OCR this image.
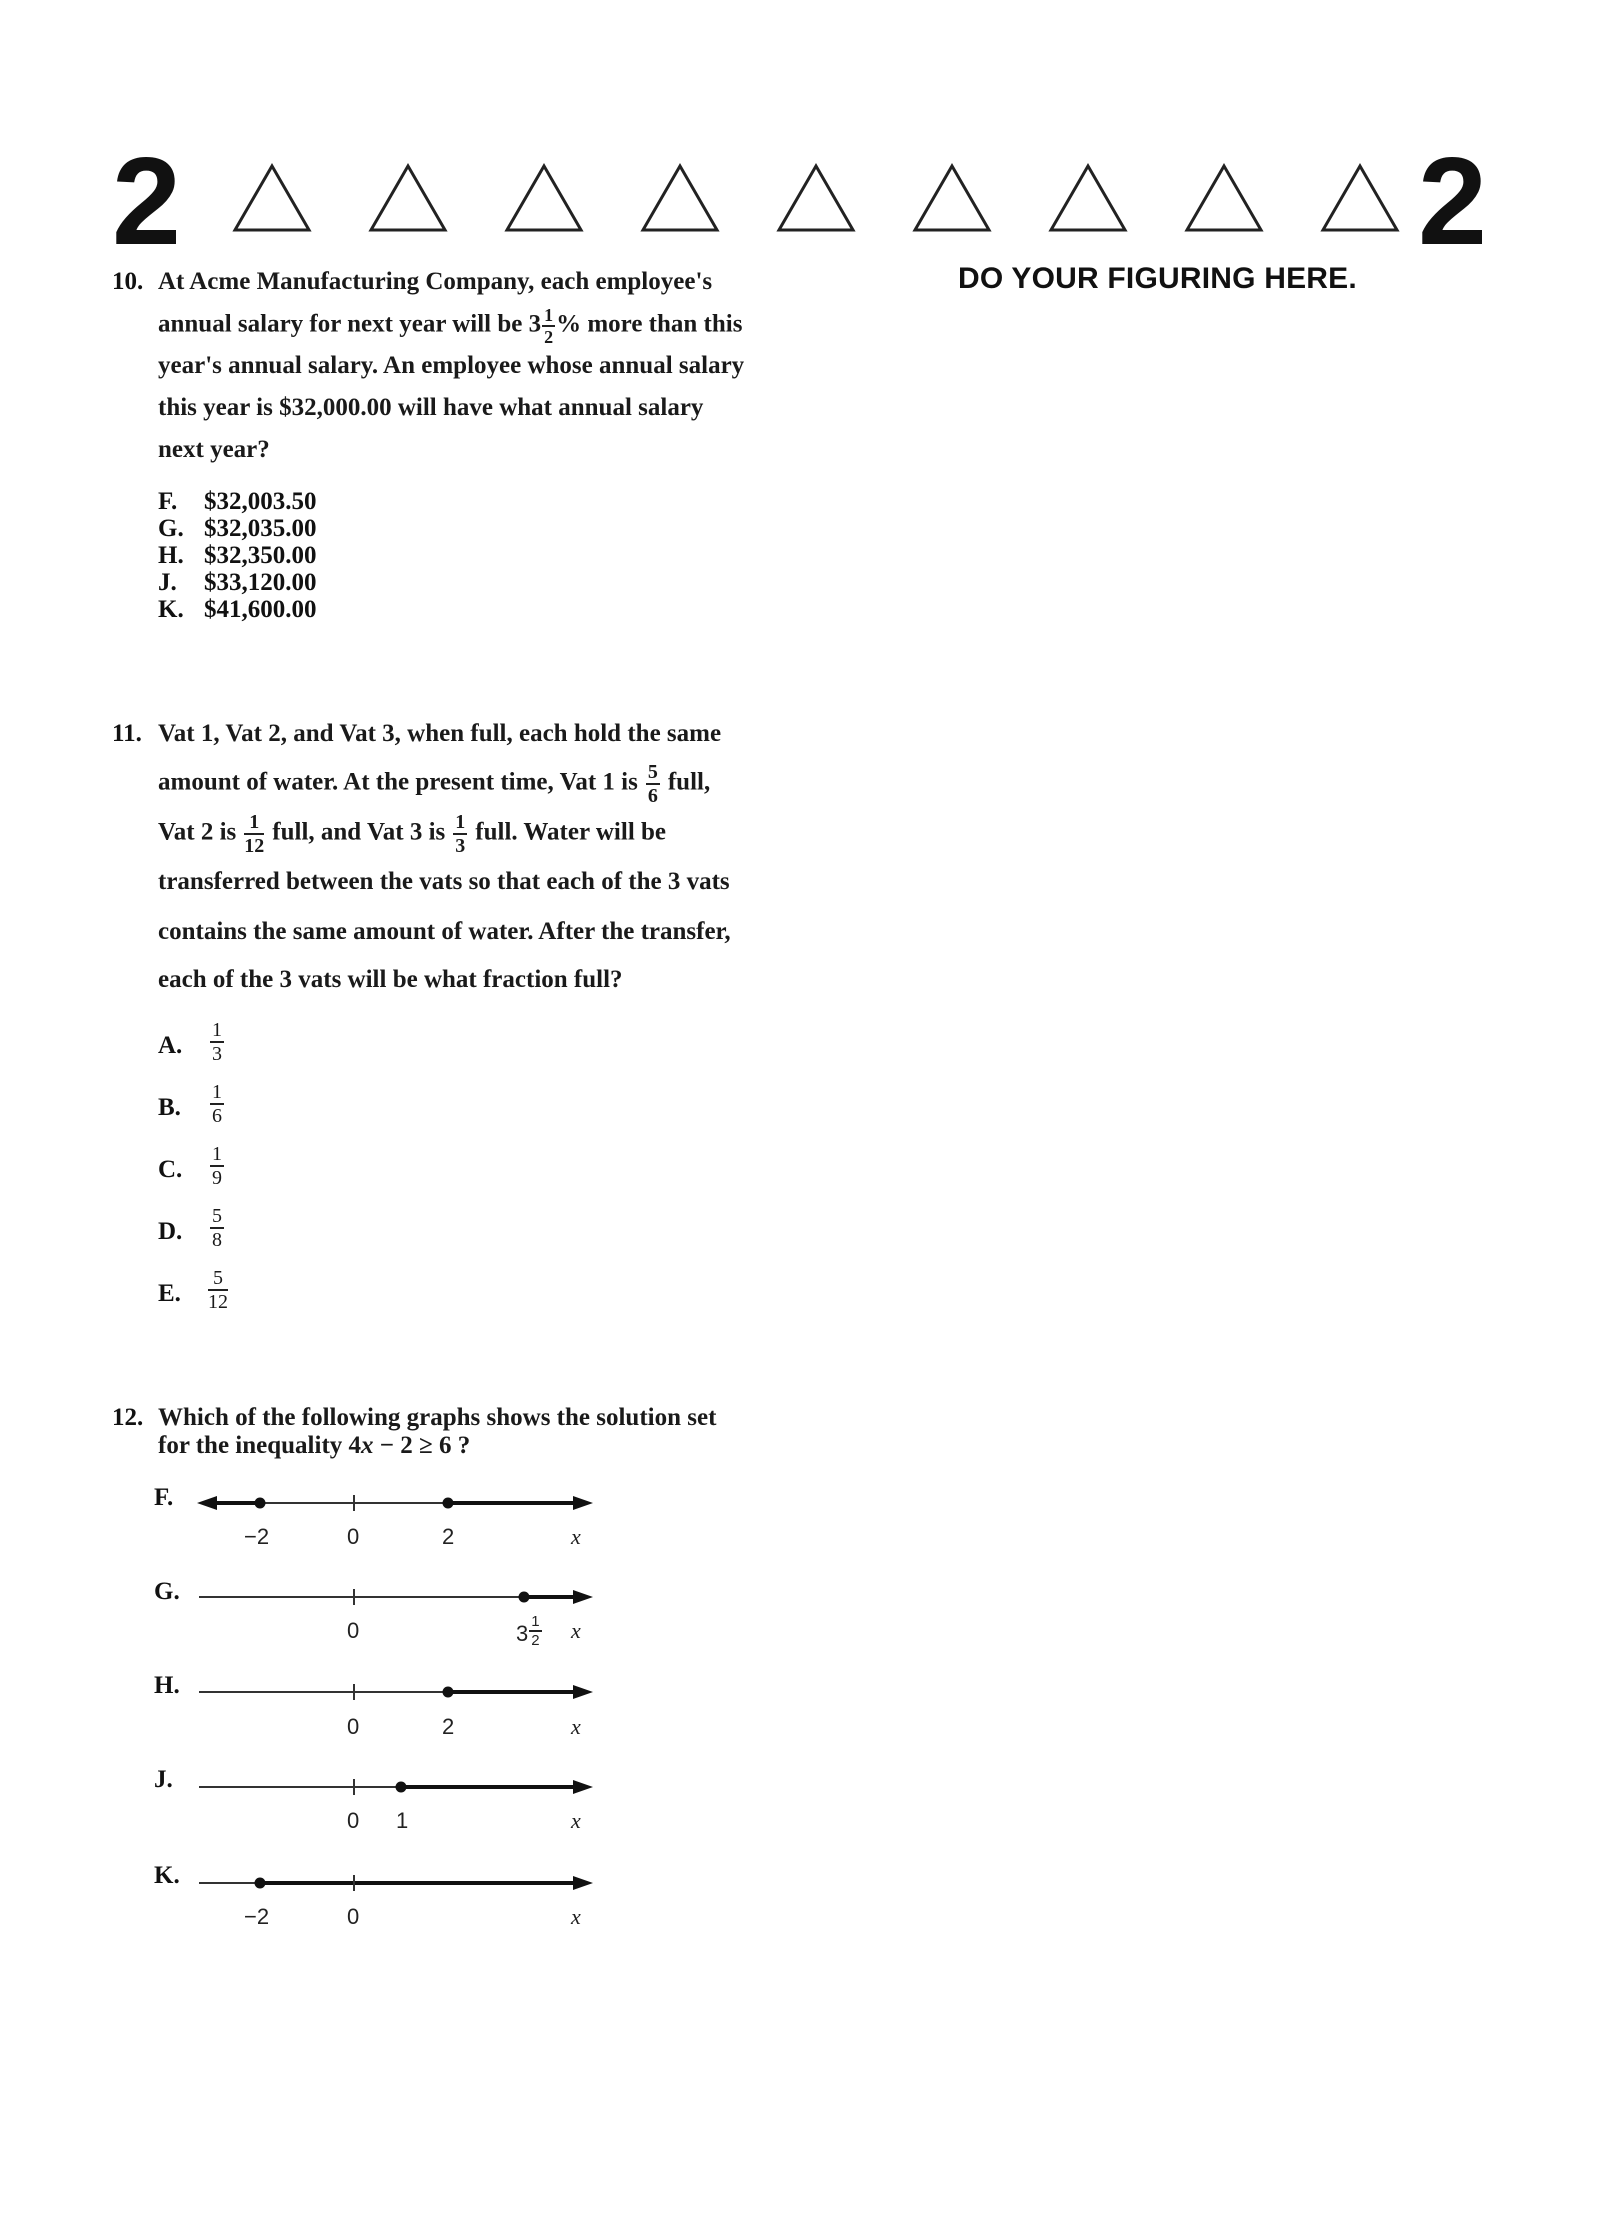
2	2
DO YOUR FIGURING HERE.
10. At Acme Manufacturing Company, each employee's
annual salary for next year will be $3 \frac{1}{2}$ % more than this
year's annual salary. An employee whose annual salary
this year is $32,000.00 will have what annual salary
next year?
F. $32,003.50
G. $32,035.00
H. $32,350.00
J. $33,120.00
K. $41,600.00
11. Vat 1, Vat 2, and Vat 3, when full, each hold the same
amount of water. At the present time, Vat 1 is $\frac{5}{6}$ full,
Vat 2 is $\frac{1}{12}$ full, and Vat 3 is $\frac{1}{3}$ full. Water will be
transferred between the vats so that each of the 3 vats
contains the same amount of water. After the transfer,
each of the 3 vats will be what fraction full?
A. $\frac{1}{3}$
B. $\frac{1}{6}$
C. $\frac{1}{9}$
D. $\frac{5}{8}$
E. $\frac{5}{12}$
12. Which of the following graphs shows the solution set
for the inequality 4x − 2 ≥ 6 ?
F.
−2	0	2	x
G.
0	$3 \frac{1}{2}$ x
H.
0	2	x
J.
0 1	x
K.
−2	0	x
